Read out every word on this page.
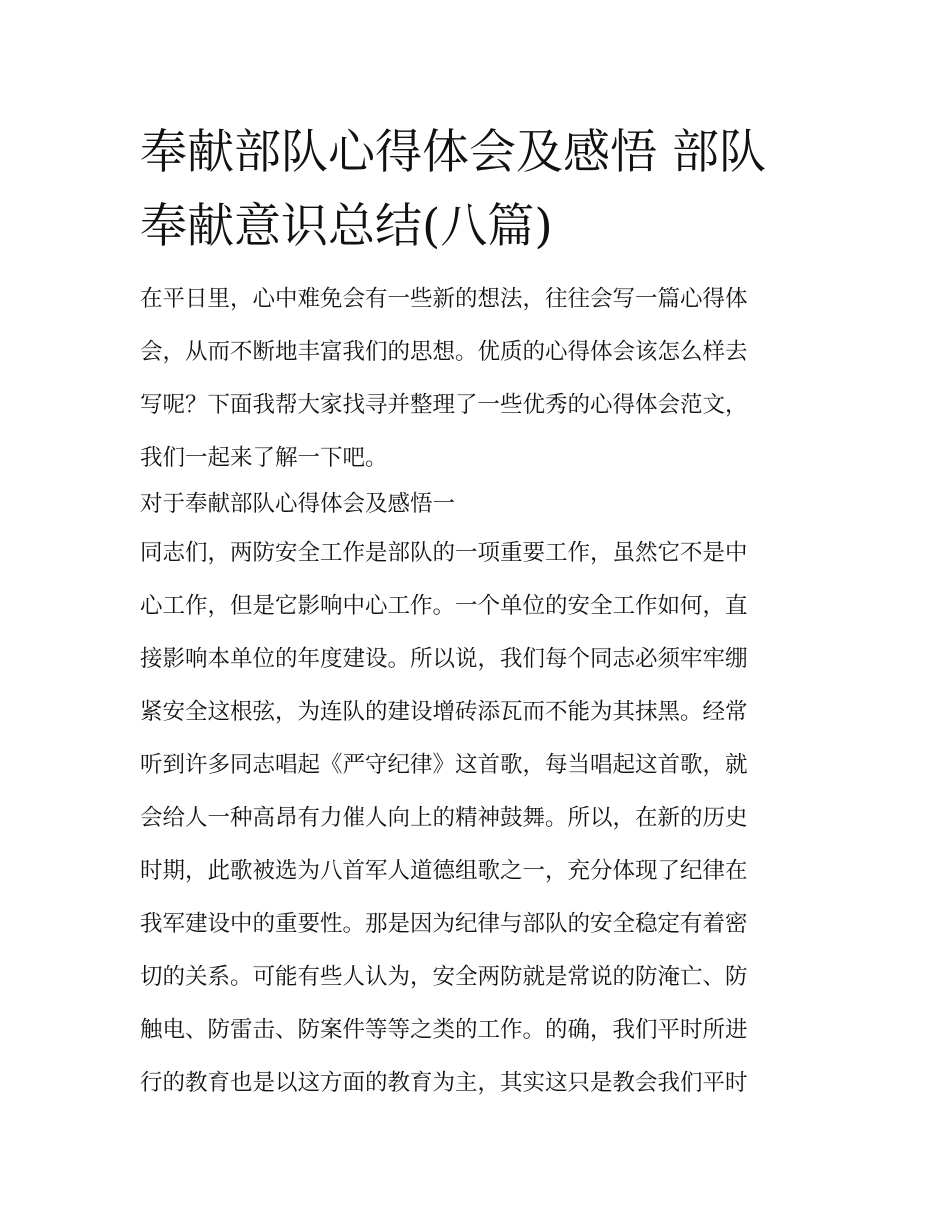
奉献部队心得体会及感悟 部队
奉献意识总结(八篇)
在平日里，心中难免会有一些新的想法，往往会写一篇心得体
会，从而不断地丰富我们的思想。优质的心得体会该怎么样去
写呢？下面我帮大家找寻并整理了一些优秀的心得体会范文，
我们一起来了解一下吧。
对于奉献部队心得体会及感悟一
同志们，两防安全工作是部队的一项重要工作，虽然它不是中
心工作，但是它影响中心工作。一个单位的安全工作如何，直
接影响本单位的年度建设。所以说，我们每个同志必须牢牢绷
紧安全这根弦，为连队的建设增砖添瓦而不能为其抹黑。经常
听到许多同志唱起《严守纪律》这首歌，每当唱起这首歌，就
会给人一种高昂有力催人向上的精神鼓舞。所以，在新的历史
时期，此歌被选为八首军人道德组歌之一，充分体现了纪律在
我军建设中的重要性。那是因为纪律与部队的安全稳定有着密
切的关系。可能有些人认为，安全两防就是常说的防淹亡、防
触电、防雷击、防案件等等之类的工作。的确，我们平时所进
行的教育也是以这方面的教育为主，其实这只是教会我们平时
